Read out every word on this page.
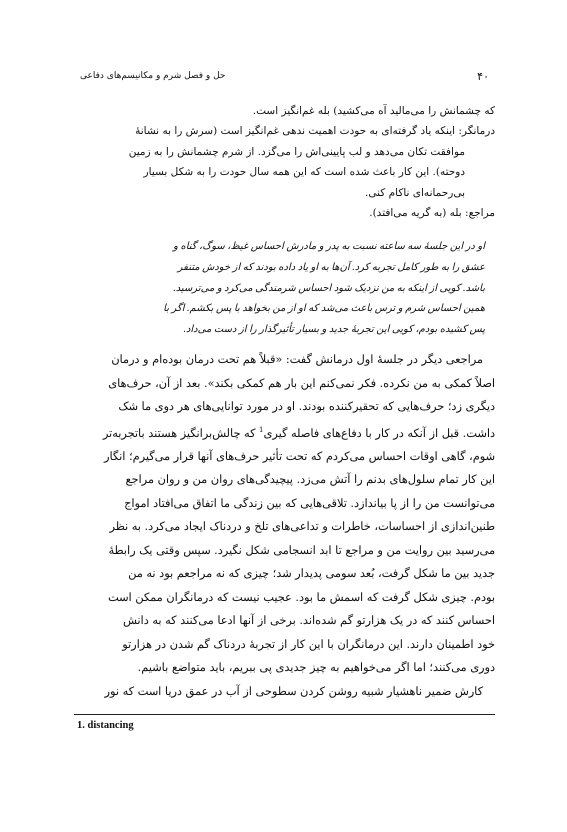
۴۰
حل و فصل شرم و مکانیسم‌های دفاعی

که چشمانش را می‌مالید آه می‌کشید) بله غم‌انگیز است.

درمانگر: اینکه یاد گرفته‌ای به حودت اهمیت ندهی غم‌انگیز است (سرش را به نشانهٔ

موافقت تکان می‌دهد و لب پایینی‌اش را می‌گزد. از شرم چشمانش را به زمین

دوحته). این کار باعث شده است که این همه سال حودت را به شکل بسیار

بی‌رحمانه‌ای ناکام کنی.

مراجع: بله (به گریه می‌افتد).

او در این جلسهٔ سه ساعته نسبت به پدر و مادرش احساس غیظ، سوگ، گناه و

عشق را به طور کامل تجربه کرد. آن‌ها به او یاد داده بودند که از خودش متنفر

باشد. کویی از اینکه به من نزدیک شود احساس شرمندگی می‌کرد و می‌ترسید.

همین احساس شرم و ترس باعث می‌شد که او از من بخواهد با پس بکشم. اگر با

پس کشیده بودم، کویی این تجربهٔ جدید و بسیار تأثیرگذار را از دست می‌داد.

مراجعی دیگر در جلسهٔ اول درمانش گفت: «قبلاً هم تحت درمان بوده‌ام و درمان

اصلاً کمکی به من نکرده. فکر نمی‌کنم این بار هم کمکی بکند». بعد از آن، حرف‌های

دیگری زد؛ حرف‌هایی که تحقیرکننده بودند. او در مورد توانایی‌های هر دوی ما شک

داشت. قبل از آنکه در کار با دفاع‌های فاصله گیری$^1$ که چالش‌برانگیز هستند باتجربه‌تر

شوم، گاهی اوقات احساس می‌کردم که تحت تأثیر حرف‌های آنها قرار می‌گیرم؛ انگار

این کار تمام سلول‌های بدنم را آتش می‌زد. پیچیدگی‌های روان من و روان مراجع

می‌توانست من را از پا بیاندازد. تلاقی‌هایی که بین زندگی ما اتفاق می‌افتاد امواج

طنین‌اندازی از احساسات، خاطرات و تداعی‌های تلخ و دردناک ایجاد می‌کرد. به نظر

می‌رسید بین روایت من و مراجع تا ابد انسجامی شکل نگیرد. سپس وقتی یک رابطهٔ

جدید بین ما شکل گرفت، بُعد سومی پدیدار شد؛ چیزی که نه مراجعم بود نه من

بودم. چیزی شکل گرفت که اسمش ما بود. عجیب نیست که درمانگران ممکن است

احساس کنند که در یک هزارتو گم شده‌اند. برخی از آنها ادعا می‌کنند که به دانش

خود اطمینان دارند. این درمانگران با این کار از تجربهٔ دردناک گم شدن در هزارتو

دوری می‌کنند؛ اما اگر می‌خواهیم به چیز جدیدی پی ببریم، باید متواضع باشیم.

کارش ضمیر ناهشیار شبیه روشن کردن سطوحی از آب در عمق دریا است که نور

1. distancing
